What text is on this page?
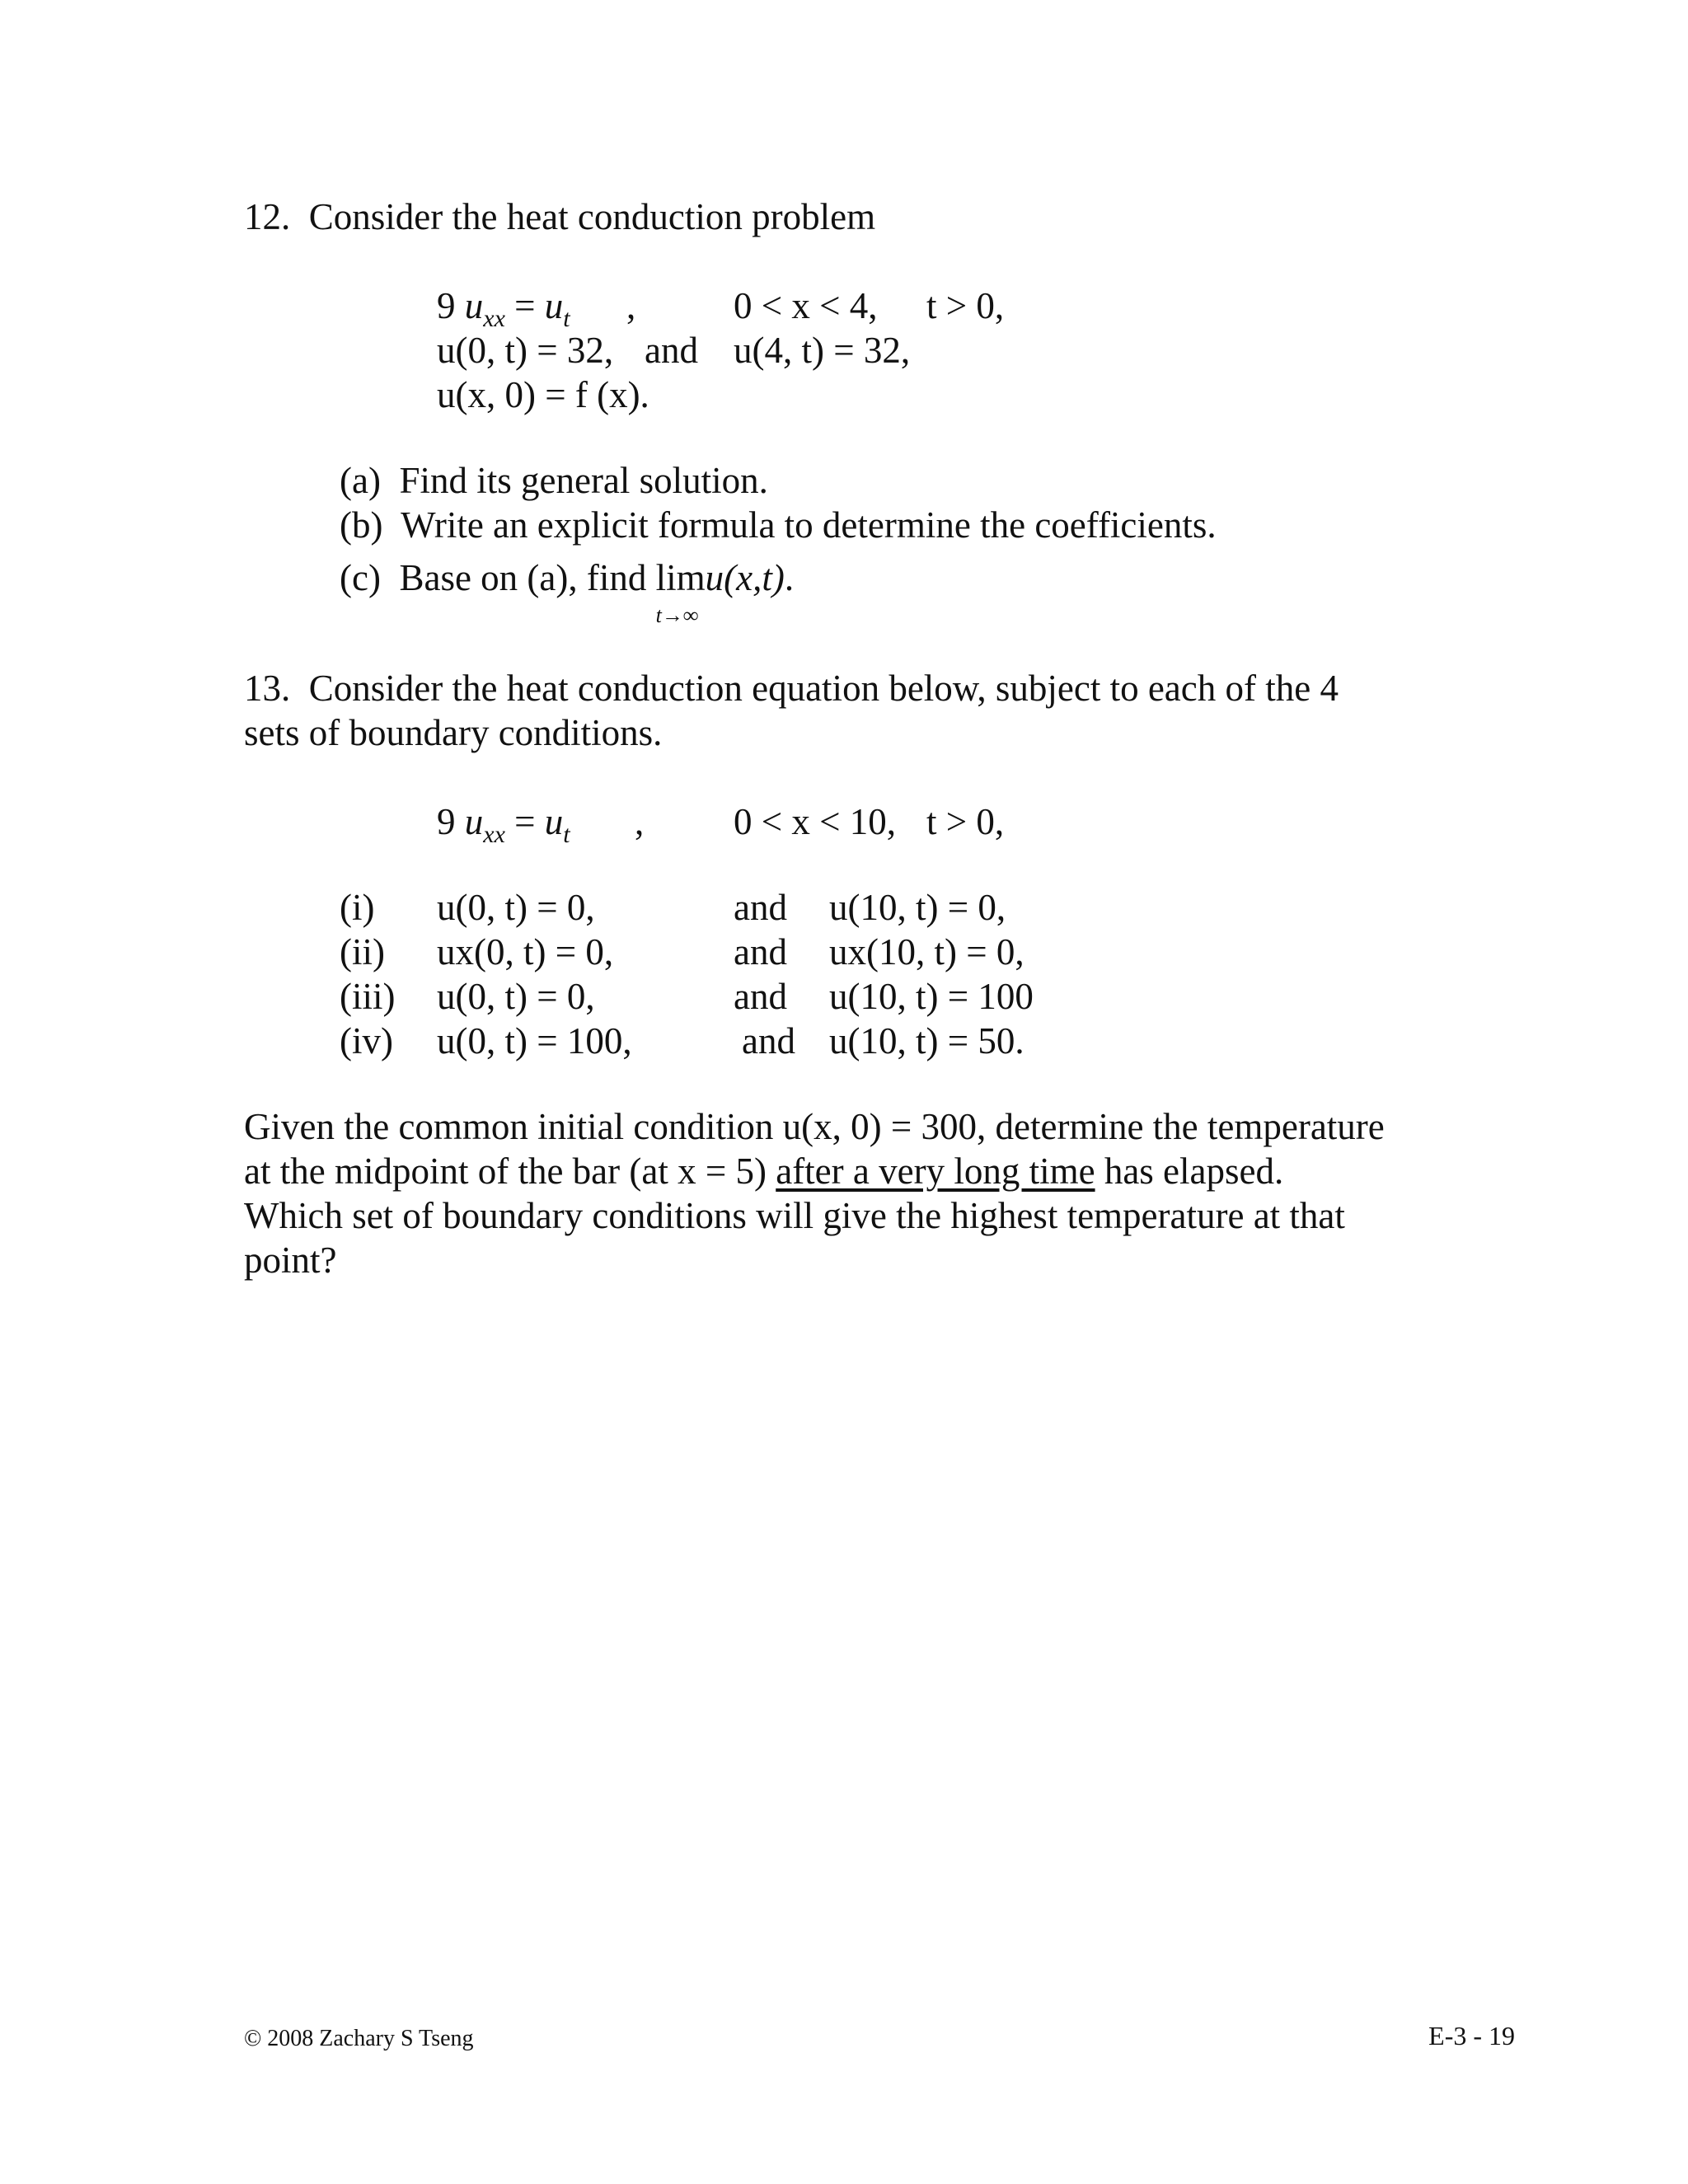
12. Consider the heat conduction problem
9 $u_{xx} = u_t$ ,	0 < x < 4, t > 0,
u(0, t) = 32, and u(4, t) = 32,
u(x, 0) = f (x).
(a) Find its general solution.
(b) Write an explicit formula to determine the coefficients.
(c) Base on (a), find lim
t→∞
u(x,t).
13. Consider the heat conduction equation below, subject to each of the 4
sets of boundary conditions.
9 $u_{xx} = u_t$ , 0 < x < 10, t > 0,
(i) u(0, t) = 0,	and u(10, t) = 0,
(ii) ux(0, t) = 0,	and ux(10, t) = 0,
(iii) u(0, t) = 0,	and u(10, t) = 100
(iv) u(0, t) = 100,	and u(10, t) = 50.
Given the common initial condition u(x, 0) = 300, determine the temperature
at the midpoint of the bar (at x = 5) after a very long time has elapsed.
Which set of boundary conditions will give the highest temperature at that
point?
© 2008 Zachary S Tseng	E-3 - 19
